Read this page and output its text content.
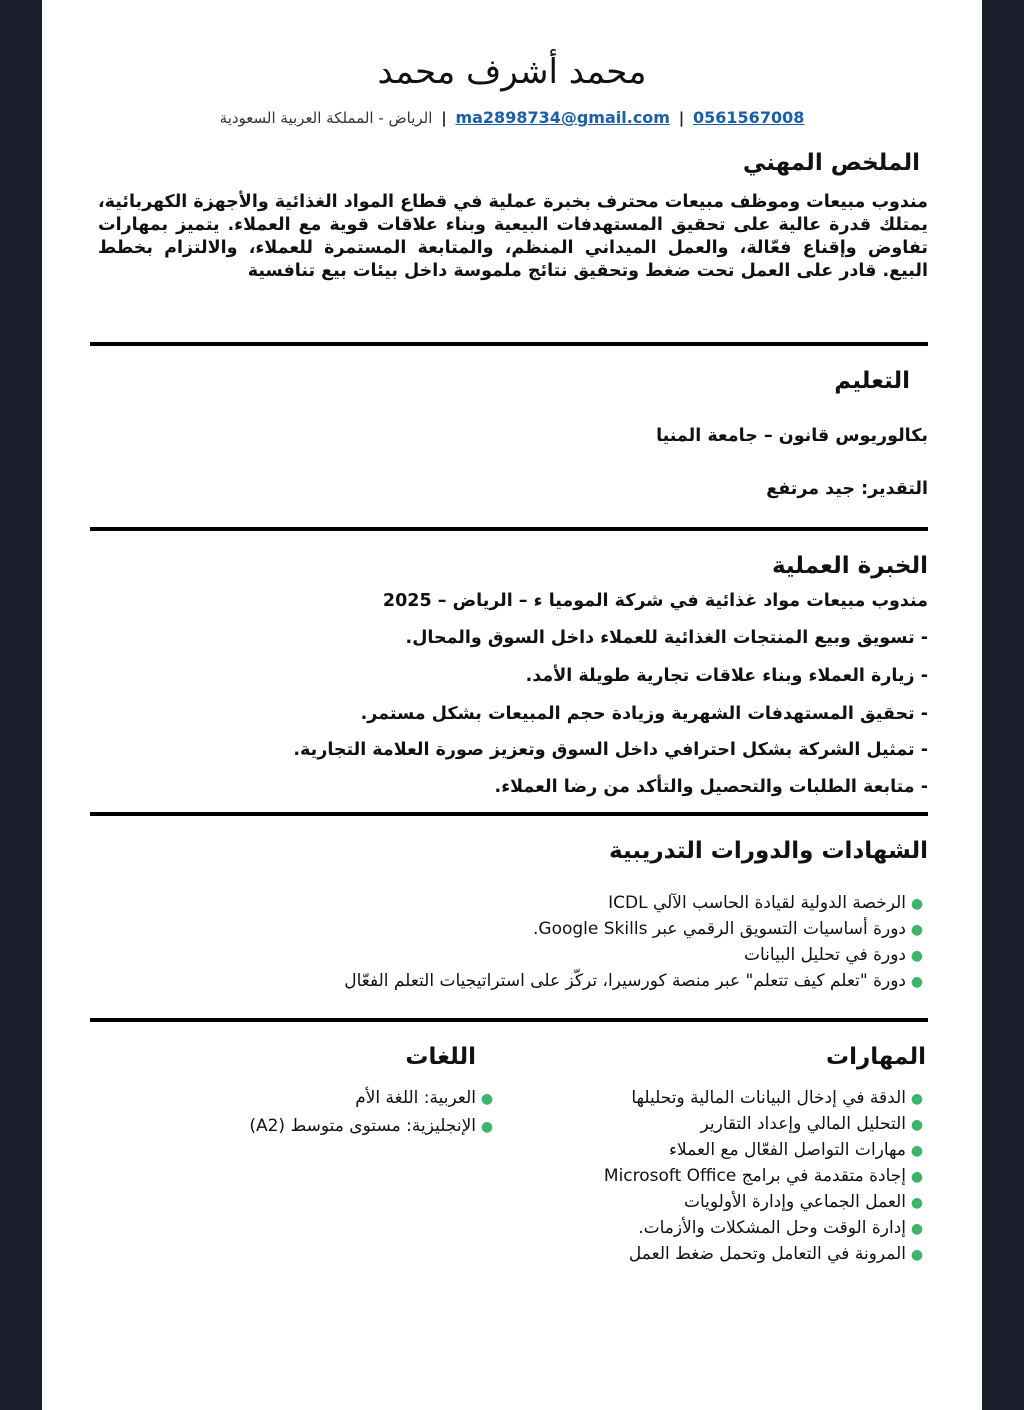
محمد أشرف محمد
0561567008 | ma2898734@gmail.com | الرياض - المملكة العربية السعودية
الملخص المهني
مندوب مبيعات وموظف مبيعات محترف بخبرة عملية في قطاع المواد الغذائية والأجهزة الكهربائية، يمتلك قدرة عالية على تحقيق المستهدفات البيعية وبناء علاقات قوية مع العملاء. يتميز بمهارات تفاوض وإقناع فعّالة، والعمل الميداني المنظم، والمتابعة المستمرة للعملاء، والالتزام بخطط البيع. قادر على العمل تحت ضغط وتحقيق نتائج ملموسة داخل بيئات بيع تنافسية
التعليم
بكالوريوس قانون – جامعة المنيا
التقدير: جيد مرتفع
الخبرة العملية
مندوب مبيعات مواد غذائية في شركة الموميا ء – الرياض – 2025
- تسويق وبيع المنتجات الغذائية للعملاء داخل السوق والمحال.
- زيارة العملاء وبناء علاقات تجارية طويلة الأمد.
- تحقيق المستهدفات الشهرية وزيادة حجم المبيعات بشكل مستمر.
- تمثيل الشركة بشكل احترافي داخل السوق وتعزيز صورة العلامة التجارية.
- متابعة الطلبات والتحصيل والتأكد من رضا العملاء.
الشهادات والدورات التدريبية
●الرخصة الدولية لقيادة الحاسب الآلي ICDL
●دورة أساسيات التسويق الرقمي عبر Google Skills.
●دورة في تحليل البيانات
●دورة "تعلم كيف تتعلم" عبر منصة كورسيرا، تركّز على استراتيجيات التعلم الفعّال
المهارات
●الدقة في إدخال البيانات المالية وتحليلها
●التحليل المالي وإعداد التقارير
●مهارات التواصل الفعّال مع العملاء
●إجادة متقدمة في برامج Microsoft Office
●العمل الجماعي وإدارة الأولويات
●إدارة الوقت وحل المشكلات والأزمات.
●المرونة في التعامل وتحمل ضغط العمل
اللغات
●العربية: اللغة الأم
●الإنجليزية: مستوى متوسط (A2)
